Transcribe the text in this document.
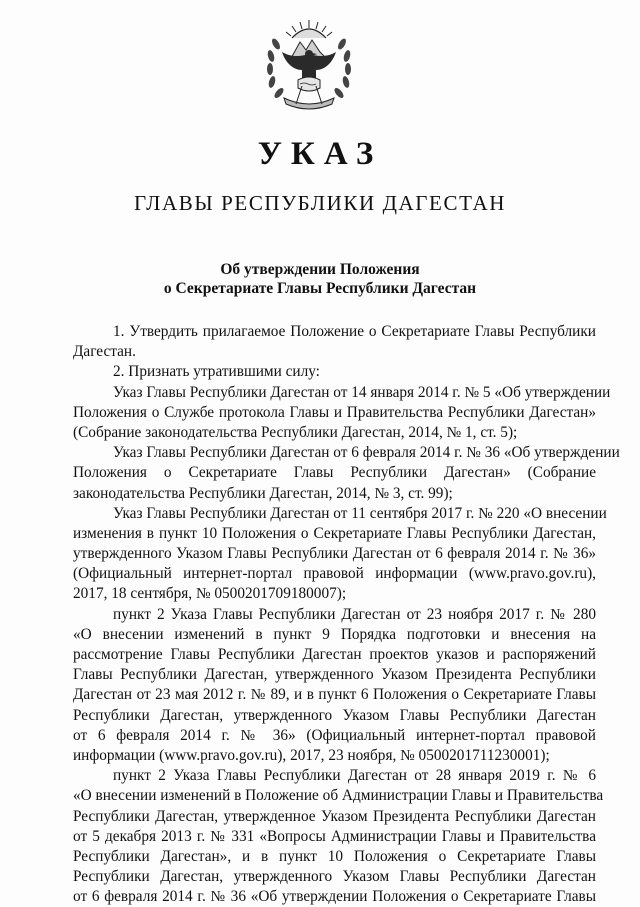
УКАЗ
ГЛАВЫ РЕСПУБЛИКИ ДАГЕСТАН
Об утверждении Положения
о Секретариате Главы Республики Дагестан
1. Утвердить прилагаемое Положение о Секретариате Главы Республики
Дагестан.
2. Признать утратившими силу:
Указ Главы Республики Дагестан от 14 января 2014 г. № 5 «Об утверждении
Положения о Службе протокола Главы и Правительства Республики Дагестан»
(Собрание законодательства Республики Дагестан, 2014, № 1, ст. 5);
Указ Главы Республики Дагестан от 6 февраля 2014 г. № 36 «Об утверждении
Положения о Секретариате Главы Республики Дагестан» (Собрание
законодательства Республики Дагестан, 2014, № 3, ст. 99);
Указ Главы Республики Дагестан от 11 сентября 2017 г. № 220 «О внесении
изменения в пункт 10 Положения о Секретариате Главы Республики Дагестан,
утвержденного Указом Главы Республики Дагестан от 6 февраля 2014 г. № 36»
(Официальный интернет-портал правовой информации (www.pravo.gov.ru),
2017, 18 сентября, № 0500201709180007);
пункт 2 Указа Главы Республики Дагестан от 23 ноября 2017 г. № 280
«О внесении изменений в пункт 9 Порядка подготовки и внесения на
рассмотрение Главы Республики Дагестан проектов указов и распоряжений
Главы Республики Дагестан, утвержденного Указом Президента Республики
Дагестан от 23 мая 2012 г. № 89, и в пункт 6 Положения о Секретариате Главы
Республики Дагестан, утвержденного Указом Главы Республики Дагестан
от 6 февраля 2014 г. № 36» (Официальный интернет-портал правовой
информации (www.pravo.gov.ru), 2017, 23 ноября, № 0500201711230001);
пункт 2 Указа Главы Республики Дагестан от 28 января 2019 г. № 6
«О внесении изменений в Положение об Администрации Главы и Правительства
Республики Дагестан, утвержденное Указом Президента Республики Дагестан
от 5 декабря 2013 г. № 331 «Вопросы Администрации Главы и Правительства
Республики Дагестан», и в пункт 10 Положения о Секретариате Главы
Республики Дагестан, утвержденного Указом Главы Республики Дагестан
от 6 февраля 2014 г. № 36 «Об утверждении Положения о Секретариате Главы
